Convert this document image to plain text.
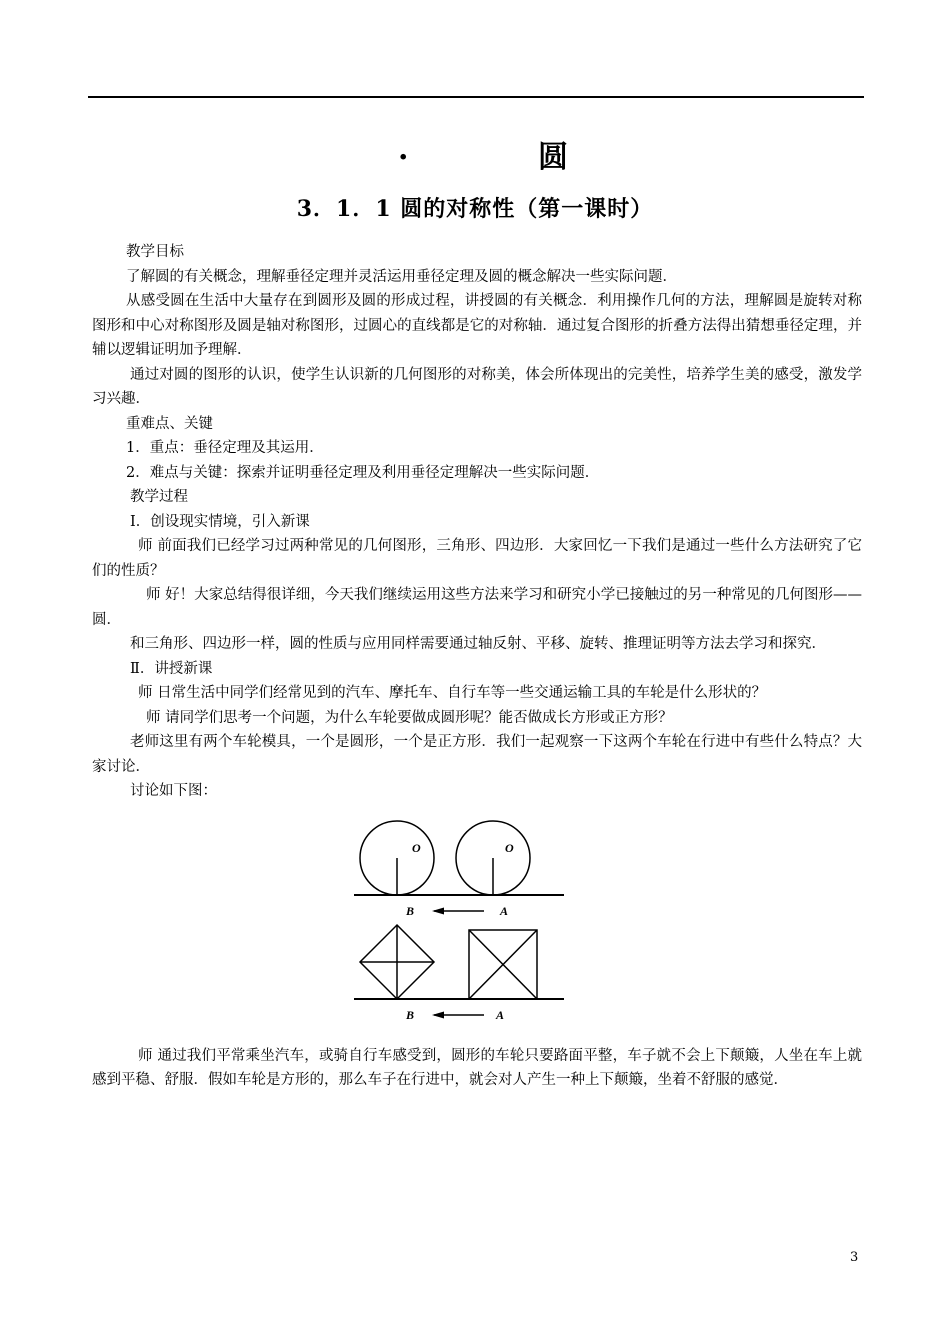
.	圆
3．1．1 圆的对称性（第一课时）

教学目标

了解圆的有关概念，理解垂径定理并灵活运用垂径定理及圆的概念解决一些实际问题．

从感受圆在生活中大量存在到圆形及圆的形成过程，讲授圆的有关概念．利用操作几何的方法，理解圆是旋转对称图形和中心对称图形及圆是轴对称图形，过圆心的直线都是它的对称轴．通过复合图形的折叠方法得出猜想垂径定理，并辅以逻辑证明加予理解．

通过对圆的图形的认识，使学生认识新的几何图形的对称美，体会所体现出的完美性，培养学生美的感受，激发学习兴趣．

重难点、关键

1．重点：垂径定理及其运用．

2．难点与关键：探索并证明垂径定理及利用垂径定理解决一些实际问题．

教学过程

Ⅰ．创设现实情境，引入新课

师 前面我们已经学习过两种常见的几何图形，三角形、四边形．大家回忆一下我们是通过一些什么方法研究了它们的性质？

师 好！大家总结得很详细，今天我们继续运用这些方法来学习和研究小学已接触过的另一种常见的几何图形——圆．

和三角形、四边形一样，圆的性质与应用同样需要通过轴反射、平移、旋转、推理证明等方法去学习和探究．

Ⅱ．讲授新课

师 日常生活中同学们经常见到的汽车、摩托车、自行车等一些交通运输工具的车轮是什么形状的？

师 请同学们思考一个问题，为什么车轮要做成圆形呢？能否做成长方形或正方形？

老师这里有两个车轮模具，一个是圆形，一个是正方形．我们一起观察一下这两个车轮在行进中有些什么特点？大家讨论．

讨论如下图：

O	O
B	A
B	A

师 通过我们平常乘坐汽车，或骑自行车感受到，圆形的车轮只要路面平整，车子就不会上下颠簸，人坐在车上就感到平稳、舒服．假如车轮是方形的，那么车子在行进中，就会对人产生一种上下颠簸，坐着不舒服的感觉．

3
